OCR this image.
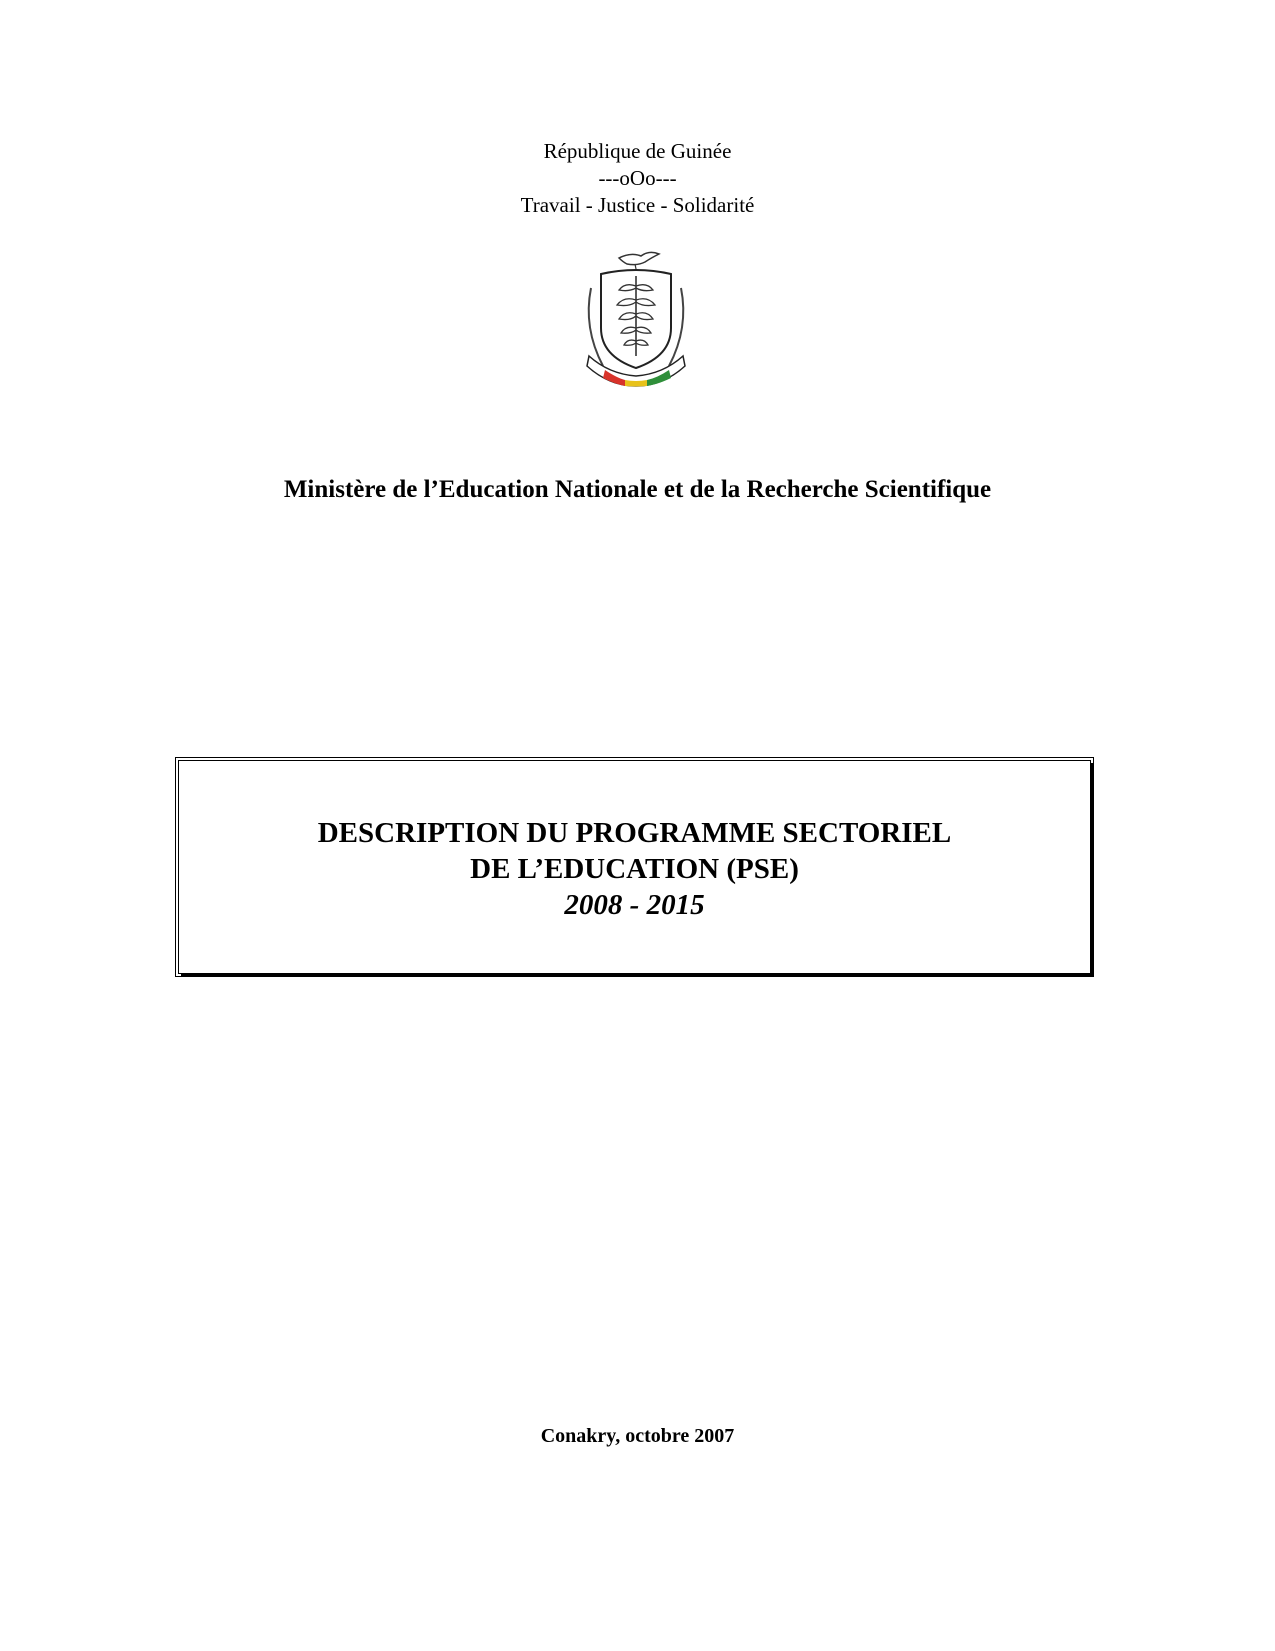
République de Guinée
---oOo---
Travail - Justice - Solidarité
Ministère de l’Education Nationale et de la Recherche Scientifique
DESCRIPTION DU PROGRAMME SECTORIEL
DE L’EDUCATION (PSE)
2008 - 2015
Conakry, octobre 2007
